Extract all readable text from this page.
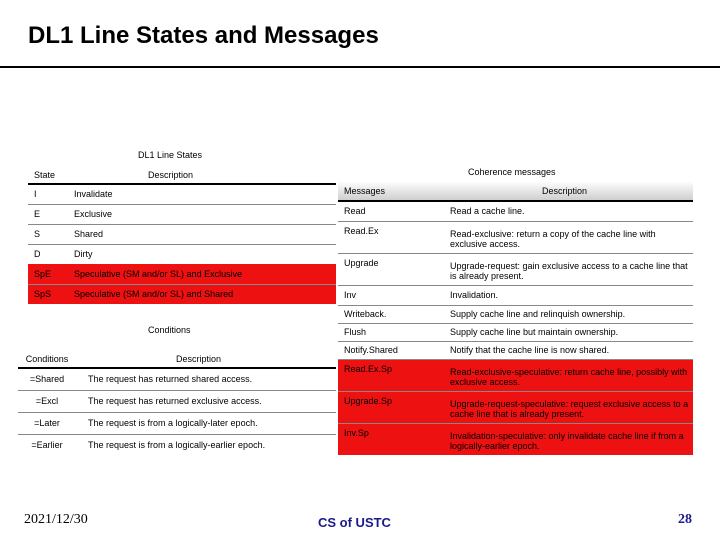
DL1 Line States and Messages
DL1 Line States
State	Description
I	Invalidate
E	Exclusive
S	Shared
D	Dirty
SpE	Speculative (SM and/or SL) and Exclusive
SpS	Speculative (SM and/or SL) and Shared
Coherence messages
Messages	Description
Read	Read a cache line.
Read.Ex	Read-exclusive: return a copy of the cache line with exclusive access.
Upgrade	Upgrade-request: gain exclusive access to a cache line that is already present.
Inv	Invalidation.
Writeback.	Supply cache line and relinquish ownership.
Flush	Supply cache line but maintain ownership.
Notify.Shared	Notify that the cache line is now shared.
Read.Ex.Sp	Read-exclusive-speculative: return cache line, possibly with exclusive access.
Upgrade.Sp	Upgrade-request-speculative: request exclusive access to a cache line that is already present.
Inv.Sp	Invalidation-speculative: only invalidate cache line if from a logically-earlier epoch.
Conditions
Conditions	Description
=Shared	The request has returned shared access.
=Excl	The request has returned exclusive access.
=Later	The request is from a logically-later epoch.
=Earlier	The request is from a logically-earlier epoch.
2021/12/30	CS of USTC	28
